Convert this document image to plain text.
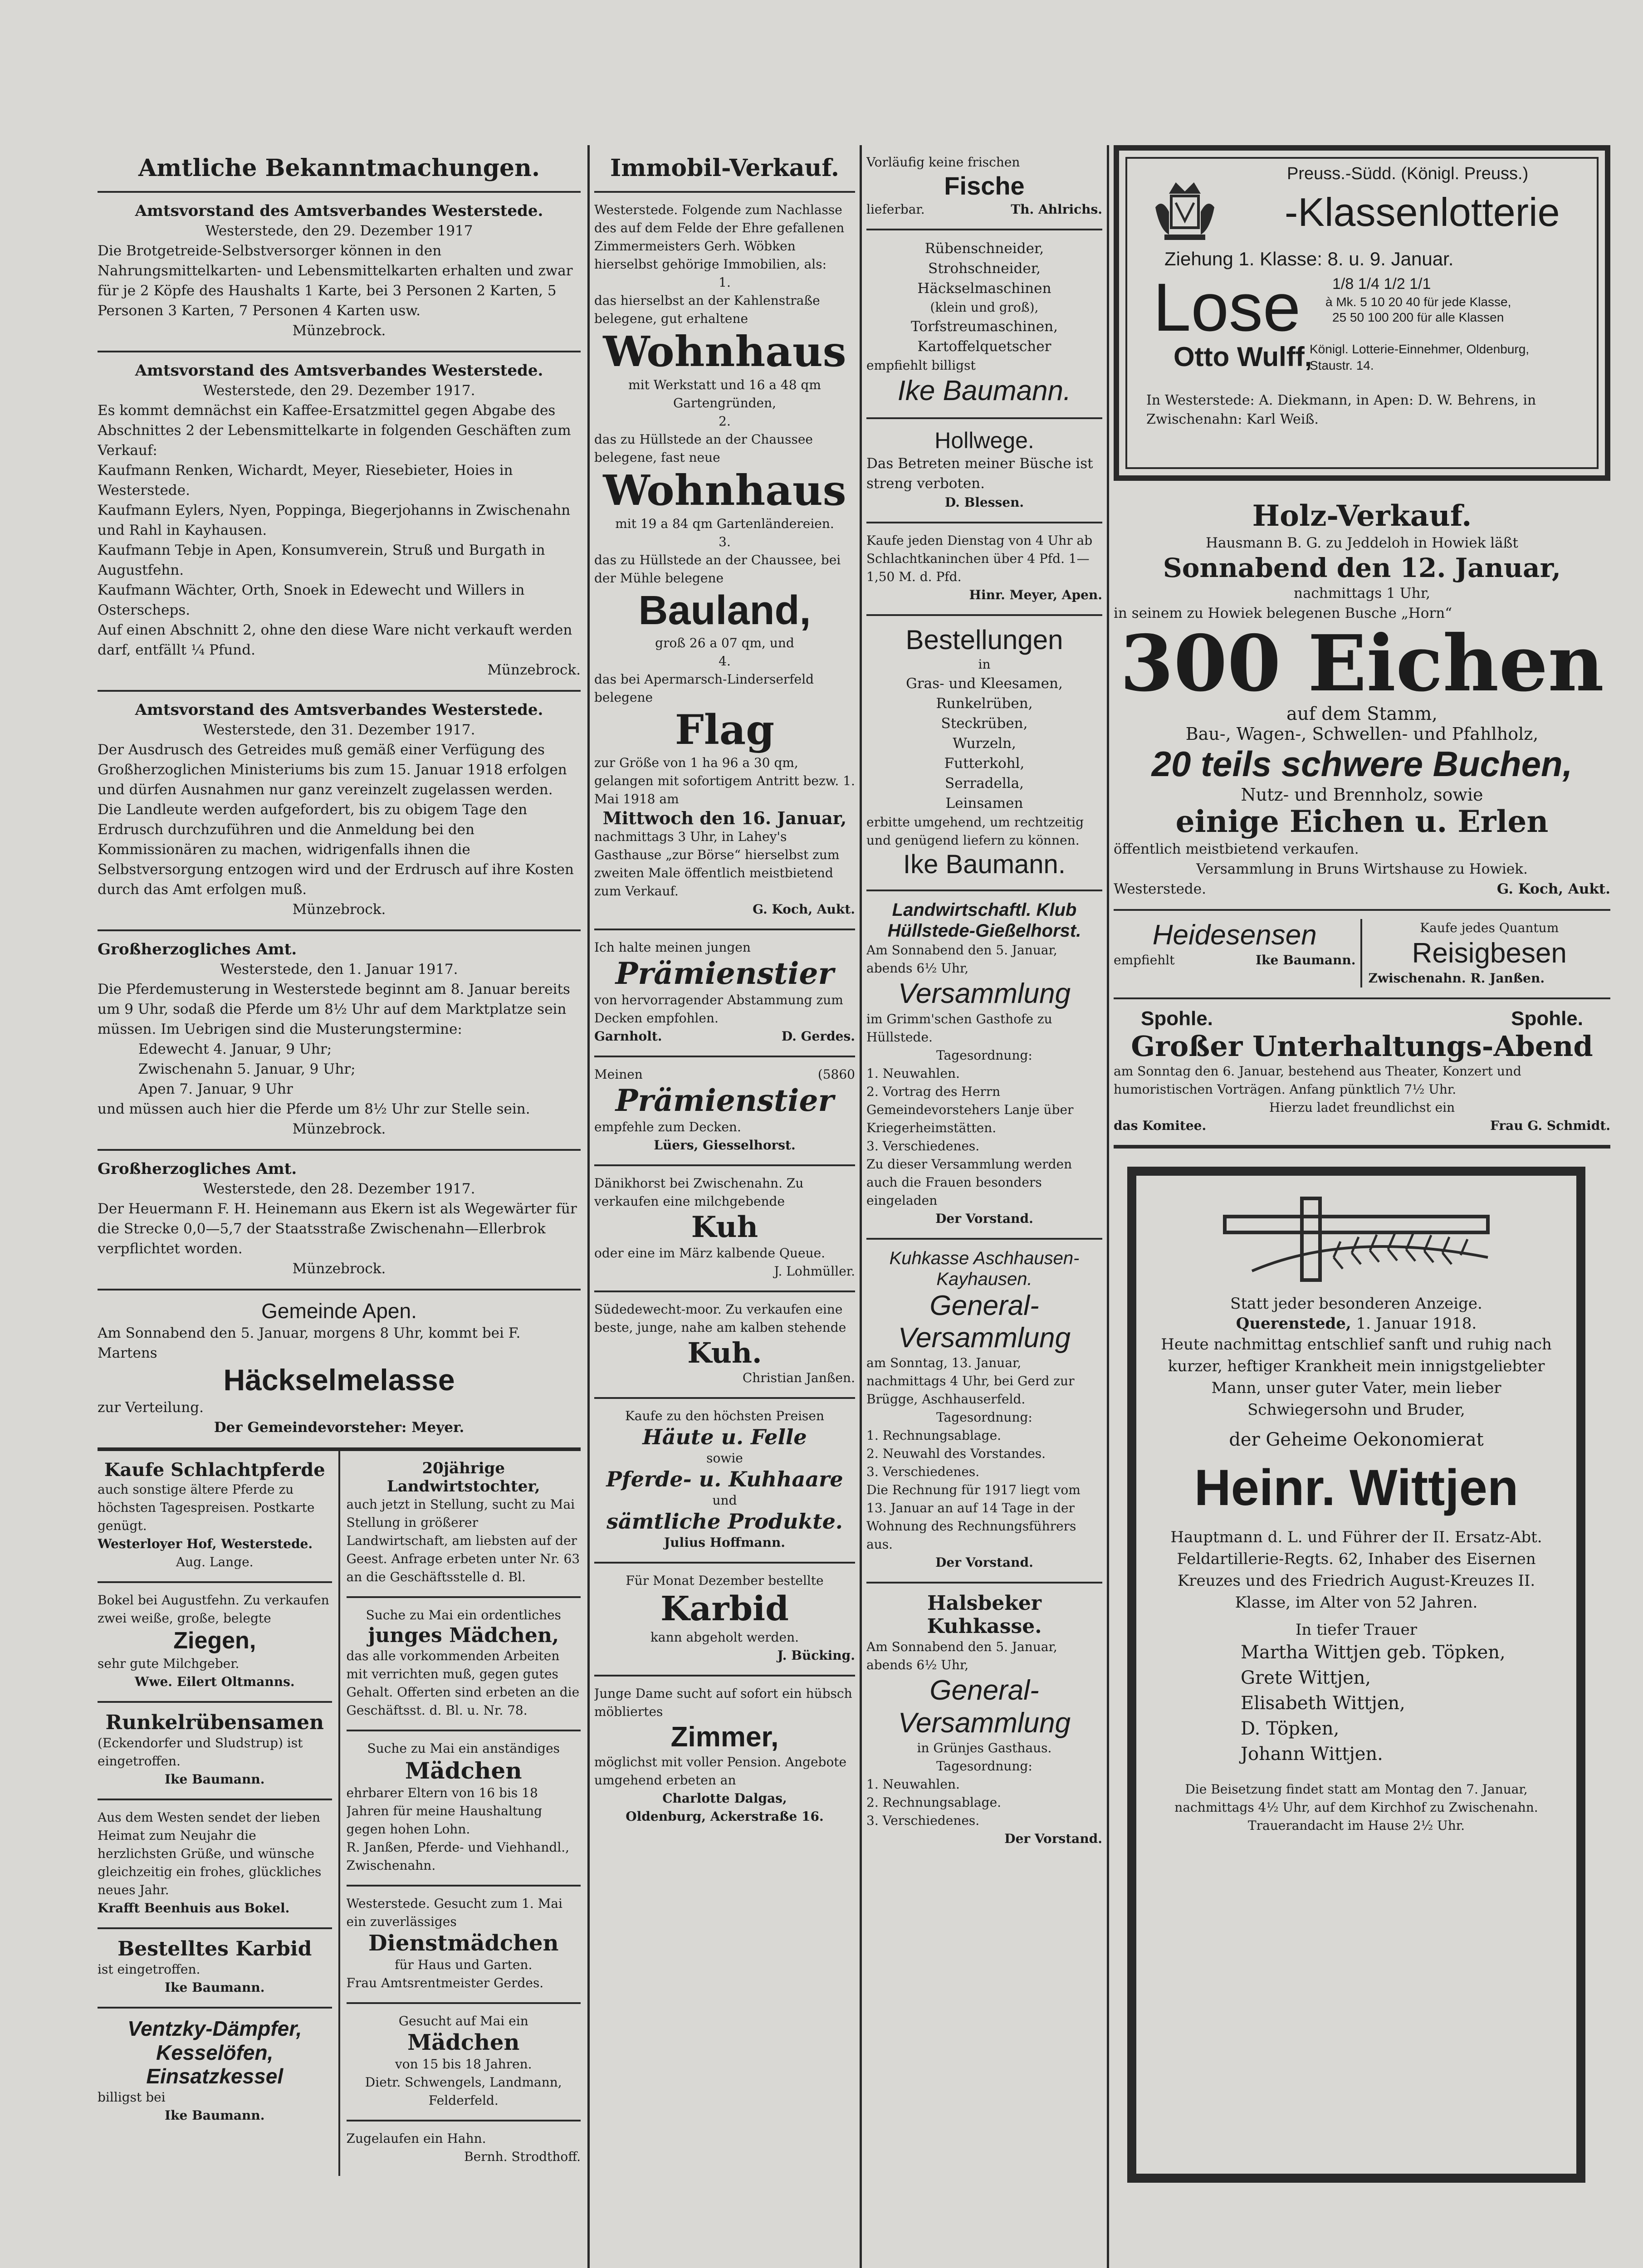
Amtliche Bekanntmachungen.
Amtsvorstand des Amtsverbandes Westerstede.

Westerstede, den 29. Dezember 1917

Die Brotgetreide-Selbstversorger können in den Nahrungsmittelkarten- und Lebensmittelkarten erhalten und zwar für je 2 Köpfe des Haushalts 1 Karte, bei 3 Personen 2 Karten, 5 Personen 3 Karten, 7 Personen 4 Karten usw.

Münzebrock.

Amtsvorstand des Amtsverbandes Westerstede.

Westerstede, den 29. Dezember 1917.

Es kommt demnächst ein Kaffee-Ersatzmittel gegen Abgabe des Abschnittes 2 der Lebensmittelkarte in folgenden Geschäften zum Verkauf:

Kaufmann Renken, Wichardt, Meyer, Riesebieter, Hoies in Westerstede.

Kaufmann Eylers, Nyen, Poppinga, Biegerjohanns in Zwischenahn und Rahl in Kayhausen.

Kaufmann Tebje in Apen, Konsumverein, Struß und Burgath in Augustfehn.

Kaufmann Wächter, Orth, Snoek in Edewecht und Willers in Osterscheps.

Auf einen Abschnitt 2, ohne den diese Ware nicht verkauft werden darf, entfällt ¼ Pfund.

Münzebrock.

Amtsvorstand des Amtsverbandes Westerstede.

Westerstede, den 31. Dezember 1917.

Der Ausdrusch des Getreides muß gemäß einer Verfügung des Großherzoglichen Ministeriums bis zum 15. Januar 1918 erfolgen und dürfen Ausnahmen nur ganz vereinzelt zugelassen werden.

Die Landleute werden aufgefordert, bis zu obigem Tage den Erdrusch durchzuführen und die Anmeldung bei den Kommissionären zu machen, widrigenfalls ihnen die Selbstversorgung entzogen wird und der Erdrusch auf ihre Kosten durch das Amt erfolgen muß.

Münzebrock.

Großherzogliches Amt.

Westerstede, den 1. Januar 1917.

Die Pferdemusterung in Westerstede beginnt am 8. Januar bereits um 9 Uhr, sodaß die Pferde um 8½ Uhr auf dem Marktplatze sein müssen. Im Uebrigen sind die Musterungstermine:

Edewecht 4. Januar, 9 Uhr;

Zwischenahn 5. Januar, 9 Uhr;

Apen 7. Januar, 9 Uhr

und müssen auch hier die Pferde um 8½ Uhr zur Stelle sein.

Münzebrock.

Großherzogliches Amt.

Westerstede, den 28. Dezember 1917.

Der Heuermann F. H. Heinemann aus Ekern ist als Wegewärter für die Strecke 0,0—5,7 der Staatsstraße Zwischenahn—Ellerbrok verpflichtet worden.

Münzebrock.

Gemeinde Apen.

Am Sonnabend den 5. Januar, morgens 8 Uhr, kommt bei F. Martens

Häckselmelasse

zur Verteilung.

Der Gemeindevorsteher: Meyer.

Kaufe Schlachtpferde

auch sonstige ältere Pferde zu höchsten Tagespreisen. Postkarte genügt.

Westerloyer Hof, Westerstede.

Aug. Lange.

Bokel bei Augustfehn. Zu verkaufen zwei weiße, große, belegte

Ziegen,

sehr gute Milchgeber.

Wwe. Eilert Oltmanns.

Runkelrübensamen

(Eckendorfer und Sludstrup) ist eingetroffen.

Ike Baumann.

Aus dem Westen sendet der lieben Heimat zum Neujahr die herzlichsten Grüße, und wünsche gleichzeitig ein frohes, glückliches neues Jahr.

Krafft Beenhuis aus Bokel.

Bestelltes Karbid

ist eingetroffen.

Ike Baumann.

Ventzky-Dämpfer, Kesselöfen, Einsatzkessel

billigst bei

Ike Baumann.

20jährige Landwirtstochter,

auch jetzt in Stellung, sucht zu Mai Stellung in größerer Landwirtschaft, am liebsten auf der Geest. Anfrage erbeten unter Nr. 63 an die Geschäftsstelle d. Bl.

Suche zu Mai ein ordentliches

junges Mädchen,

das alle vorkommenden Arbeiten mit verrichten muß, gegen gutes Gehalt. Offerten sind erbeten an die Geschäftsst. d. Bl. u. Nr. 78.

Suche zu Mai ein anständiges

Mädchen

ehrbarer Eltern von 16 bis 18 Jahren für meine Haushaltung gegen hohen Lohn.

R. Janßen, Pferde- und Viehhandl., Zwischenahn.

Westerstede. Gesucht zum 1. Mai ein zuverlässiges

Dienstmädchen

für Haus und Garten.

Frau Amtsrentmeister Gerdes.

Gesucht auf Mai ein

Mädchen

von 15 bis 18 Jahren.

Dietr. Schwengels, Landmann, Felderfeld.

Zugelaufen ein Hahn.

Bernh. Strodthoff.

Immobil-Verkauf.

Westerstede. Folgende zum Nachlasse des auf dem Felde der Ehre gefallenen Zimmermeisters Gerh. Wöbken hierselbst gehörige Immobilien, als:

1.

das hierselbst an der Kahlenstraße belegene, gut erhaltene

Wohnhaus

mit Werkstatt und 16 a 48 qm Gartengründen,

2.

das zu Hüllstede an der Chaussee belegene, fast neue

Wohnhaus

mit 19 a 84 qm Gartenländereien.

3.

das zu Hüllstede an der Chaussee, bei der Mühle belegene

Bauland,

groß 26 a 07 qm, und

4.

das bei Apermarsch-Linderserfeld belegene

Flag

zur Größe von 1 ha 96 a 30 qm, gelangen mit sofortigem Antritt bezw. 1. Mai 1918 am

Mittwoch den 16. Januar,

nachmittags 3 Uhr, in Lahey's Gasthause „zur Börse“ hierselbst zum zweiten Male öffentlich meistbietend zum Verkauf.

G. Koch, Aukt.

Ich halte meinen jungen

Prämienstier

von hervorragender Abstammung zum Decken empfohlen.

Garnholt.	D. Gerdes.
Meinen	(5860
Prämienstier

empfehle zum Decken.

Lüers, Giesselhorst.

Dänikhorst bei Zwischenahn. Zu verkaufen eine milchgebende

Kuh

oder eine im März kalbende Queue.

J. Lohmüller.

Südedewecht-moor. Zu verkaufen eine beste, junge, nahe am kalben stehende

Kuh.

Christian Janßen.

Kaufe zu den höchsten Preisen

Häute u. Felle

sowie

Pferde- u. Kuhhaare

und

sämtliche Produkte.

Julius Hoffmann.

Für Monat Dezember bestellte

Karbid

kann abgeholt werden.

J. Bücking.

Junge Dame sucht auf sofort ein hübsch möbliertes

Zimmer,

möglichst mit voller Pension. Angebote umgehend erbeten an

Charlotte Dalgas,

Oldenburg, Ackerstraße 16.

Vorläufig keine frischen

Fische
lieferbar.	Th. Ahlrichs.

Rübenschneider,

Strohschneider,

Häckselmaschinen

(klein und groß),

Torfstreumaschinen,

Kartoffelquetscher

empfiehlt billigst

Ike Baumann.
Hollwege.

Das Betreten meiner Büsche ist streng verboten.

D. Blessen.

Kaufe jeden Dienstag von 4 Uhr ab Schlachtkaninchen über 4 Pfd. 1—1,50 M. d. Pfd.

Hinr. Meyer, Apen.

Bestellungen

in

Gras- und Kleesamen,

Runkelrüben,

Steckrüben,

Wurzeln,

Futterkohl,

Serradella,

Leinsamen

erbitte umgehend, um rechtzeitig und genügend liefern zu können.

Ike Baumann.
Landwirtschaftl. Klub Hüllstede-Gießelhorst.

Am Sonnabend den 5. Januar, abends 6½ Uhr,

Versammlung

im Grimm'schen Gasthofe zu Hüllstede.

Tagesordnung:

1. Neuwahlen.

2. Vortrag des Herrn Gemeindevorstehers Lanje über Kriegerheimstätten.

3. Verschiedenes.

Zu dieser Versammlung werden auch die Frauen besonders eingeladen

Der Vorstand.

Kuhkasse Aschhausen-Kayhausen.
General-Versammlung

am Sonntag, 13. Januar, nachmittags 4 Uhr, bei Gerd zur Brügge, Aschhauserfeld.

Tagesordnung:

1. Rechnungsablage.

2. Neuwahl des Vorstandes.

3. Verschiedenes.

Die Rechnung für 1917 liegt vom 13. Januar an auf 14 Tage in der Wohnung des Rechnungsführers aus.

Der Vorstand.

Halsbeker Kuhkasse.

Am Sonnabend den 5. Januar, abends 6½ Uhr,

General-Versammlung

in Grünjes Gasthaus.

Tagesordnung:

1. Neuwahlen.

2. Rechnungsablage.

3. Verschiedenes.

Der Vorstand.

Preuss.-Südd. (Königl. Preuss.)
-Klassenlotterie
Ziehung 1. Klasse: 8. u. 9. Januar.
Lose 1/8 1/4 1/2 1/1
à Mk. 5 10 20 40 für jede Klasse,
25 50 100 200 für alle Klassen
Otto Wulff,
Königl. Lotterie-Einnehmer, Oldenburg, Staustr. 14.
In Westerstede: A. Diekmann, in Apen: D. W. Behrens, in Zwischenahn: Karl Weiß.
Holz-Verkauf.

Hausmann B. G. zu Jeddeloh in Howiek läßt

Sonnabend den 12. Januar,

nachmittags 1 Uhr,

in seinem zu Howiek belegenen Busche „Horn“

300 Eichen

auf dem Stamm,

Bau-, Wagen-, Schwellen- und Pfahlholz,

20 teils schwere Buchen,

Nutz- und Brennholz, sowie

einige Eichen u. Erlen

öffentlich meistbietend verkaufen.

Versammlung in Bruns Wirtshause zu Howiek.

Westerstede.	G. Koch, Aukt.
Heidesensen
empfiehlt	Ike Baumann.

Kaufe jedes Quantum

Reisigbesen

Zwischenahn. R. Janßen.

Spohle.	Spohle.
Großer Unterhaltungs-Abend

am Sonntag den 6. Januar, bestehend aus Theater, Konzert und humoristischen Vorträgen. Anfang pünktlich 7½ Uhr.

Hierzu ladet freundlichst ein

das Komitee.	Frau G. Schmidt.

Statt jeder besonderen Anzeige.

Querenstede, 1. Januar 1918.

Heute nachmittag entschlief sanft und ruhig nach kurzer, heftiger Krankheit mein innigstgeliebter Mann, unser guter Vater, mein lieber Schwiegersohn und Bruder,

der Geheime Oekonomierat

Heinr. Wittjen

Hauptmann d. L. und Führer der II. Ersatz-Abt. Feldartillerie-Regts. 62, Inhaber des Eisernen Kreuzes und des Friedrich August-Kreuzes II. Klasse, im Alter von 52 Jahren.

In tiefer Trauer

Martha Wittjen geb. Töpken,

Grete Wittjen,

Elisabeth Wittjen,

D. Töpken,

Johann Wittjen.

Die Beisetzung findet statt am Montag den 7. Januar, nachmittags 4½ Uhr, auf dem Kirchhof zu Zwischenahn.

Trauerandacht im Hause 2½ Uhr.
